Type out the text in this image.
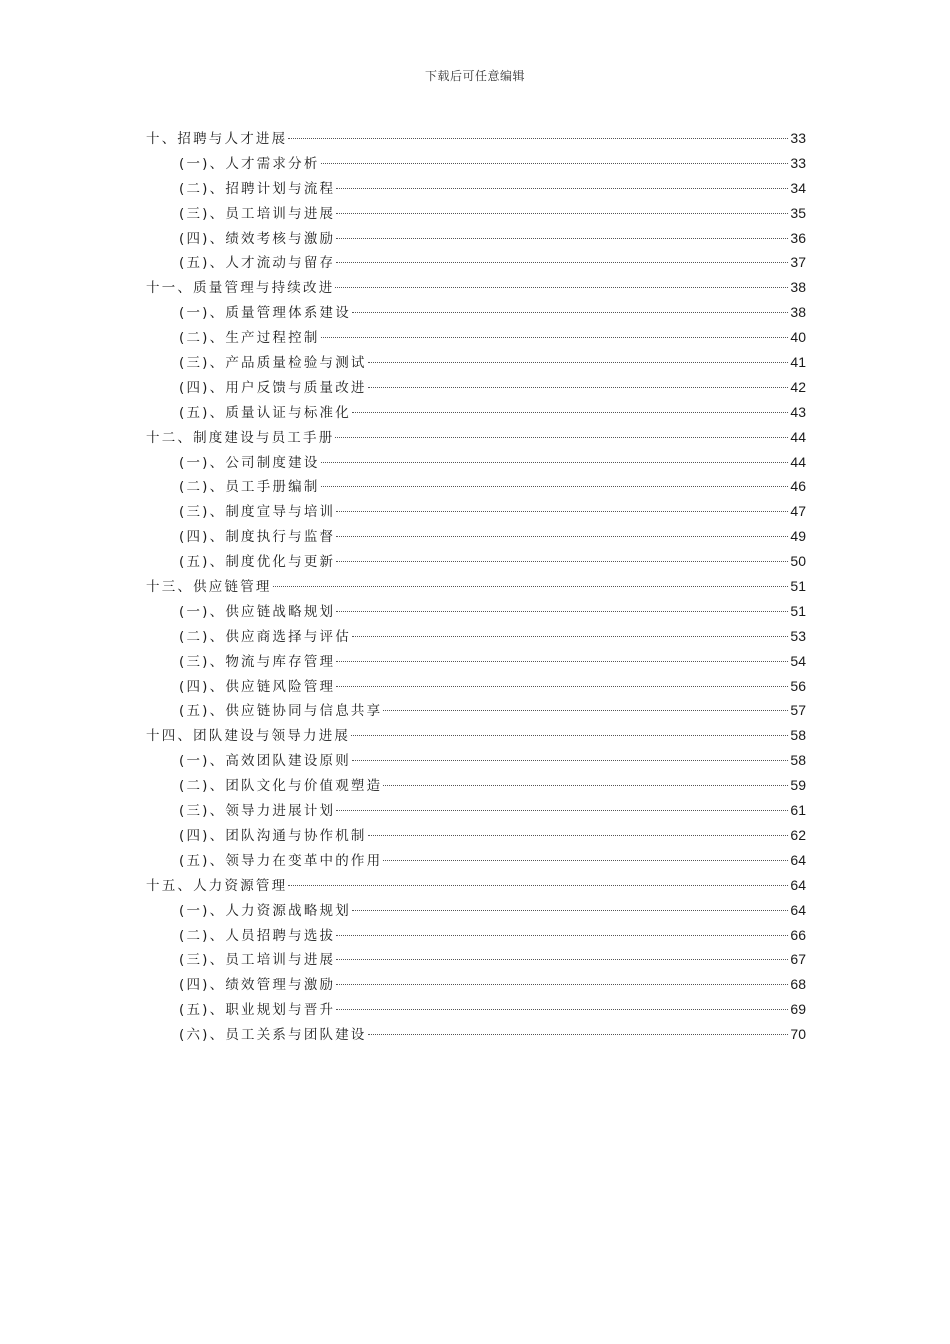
下载后可任意编辑
十、招聘与人才进展	33
(一)、人才需求分析	33
(二)、招聘计划与流程	34
(三)、员工培训与进展	35
(四)、绩效考核与激励	36
(五)、人才流动与留存	37
十一、质量管理与持续改进	38
(一)、质量管理体系建设	38
(二)、生产过程控制	40
(三)、产品质量检验与测试	41
(四)、用户反馈与质量改进	42
(五)、质量认证与标准化	43
十二、制度建设与员工手册	44
(一)、公司制度建设	44
(二)、员工手册编制	46
(三)、制度宣导与培训	47
(四)、制度执行与监督	49
(五)、制度优化与更新	50
十三、供应链管理	51
(一)、供应链战略规划	51
(二)、供应商选择与评估	53
(三)、物流与库存管理	54
(四)、供应链风险管理	56
(五)、供应链协同与信息共享	57
十四、团队建设与领导力进展	58
(一)、高效团队建设原则	58
(二)、团队文化与价值观塑造	59
(三)、领导力进展计划	61
(四)、团队沟通与协作机制	62
(五)、领导力在变革中的作用	64
十五、人力资源管理	64
(一)、人力资源战略规划	64
(二)、人员招聘与选拔	66
(三)、员工培训与进展	67
(四)、绩效管理与激励	68
(五)、职业规划与晋升	69
(六)、员工关系与团队建设	70
